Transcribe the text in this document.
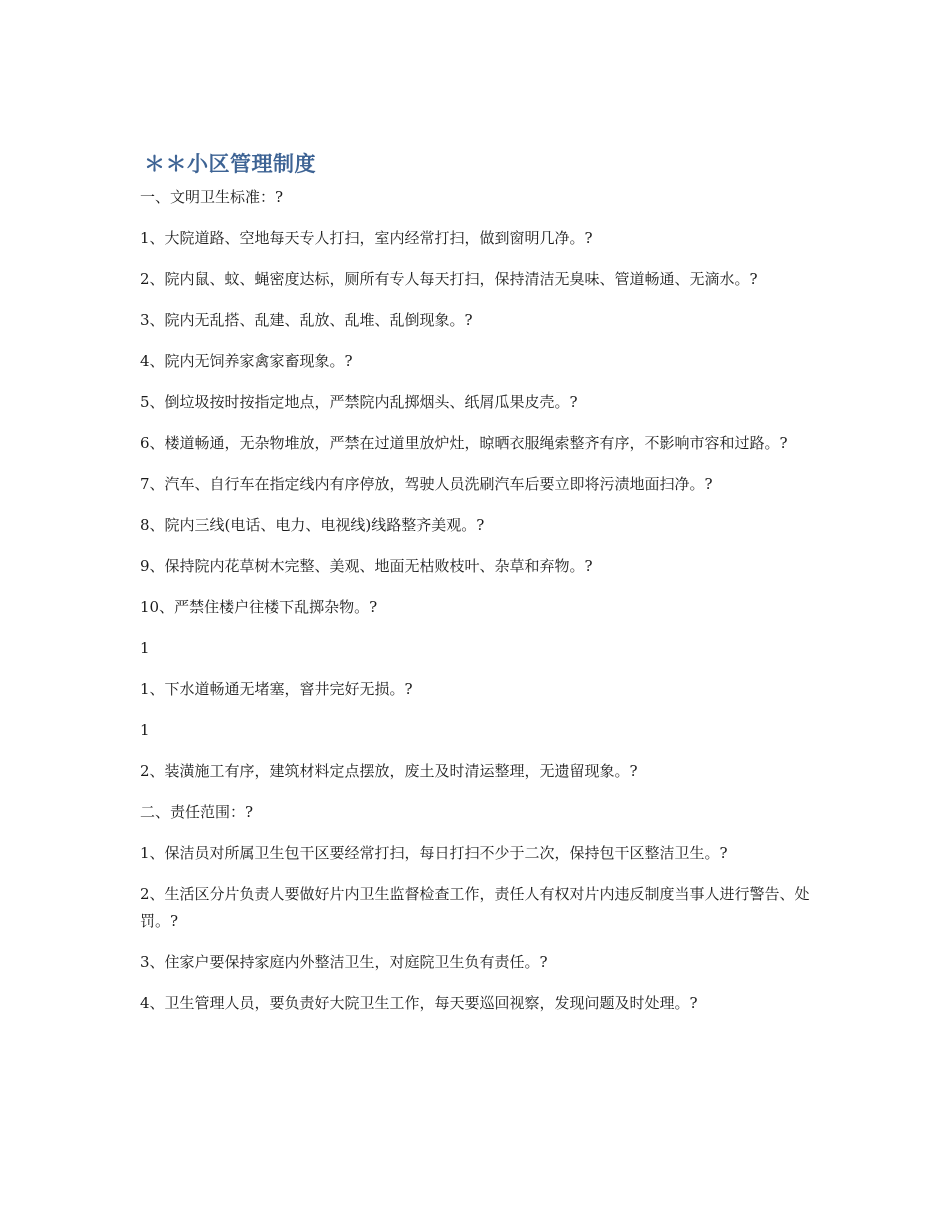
＊＊小区管理制度

一、文明卫生标准：?

1、大院道路、空地每天专人打扫，室内经常打扫，做到窗明几净。?

2、院内鼠、蚊、蝇密度达标，厕所有专人每天打扫，保持清洁无臭味、管道畅通、无滴水。?

3、院内无乱搭、乱建、乱放、乱堆、乱倒现象。?

4、院内无饲养家禽家畜现象。?

5、倒垃圾按时按指定地点，严禁院内乱掷烟头、纸屑瓜果皮壳。?

6、楼道畅通，无杂物堆放，严禁在过道里放炉灶，晾晒衣服绳索整齐有序，不影响市容和过路。?

7、汽车、自行车在指定线内有序停放，驾驶人员洗刷汽车后要立即将污渍地面扫净。?

8、院内三线(电话、电力、电视线)线路整齐美观。?

9、保持院内花草树木完整、美观、地面无枯败枝叶、杂草和弃物。?

10、严禁住楼户往楼下乱掷杂物。?

1

1、下水道畅通无堵塞，窨井完好无损。?

1

2、装潢施工有序，建筑材料定点摆放，废土及时清运整理，无遗留现象。?

二、责任范围：?

1、保洁员对所属卫生包干区要经常打扫，每日打扫不少于二次，保持包干区整洁卫生。?

2、生活区分片负责人要做好片内卫生监督检查工作，责任人有权对片内违反制度当事人进行警告、处罚。?

3、住家户要保持家庭内外整洁卫生，对庭院卫生负有责任。?

4、卫生管理人员，要负责好大院卫生工作，每天要巡回视察，发现问题及时处理。?
